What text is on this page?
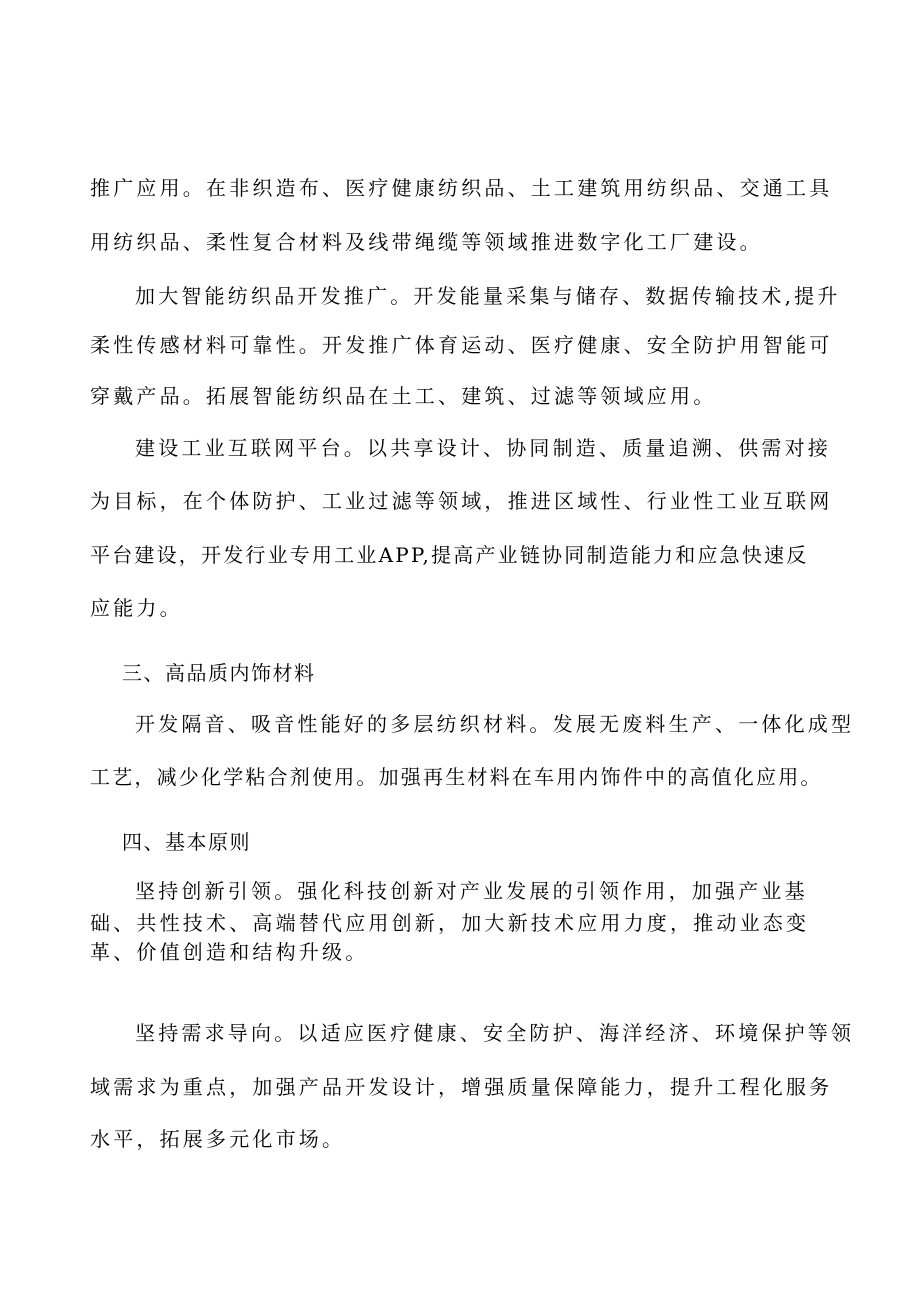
推广应用。在非织造布、医疗健康纺织品、土工建筑用纺织品、交通工具
用纺织品、柔性复合材料及线带绳缆等领域推进数字化工厂建设。
加大智能纺织品开发推广。开发能量采集与储存、数据传输技术,提升
柔性传感材料可靠性。开发推广体育运动、医疗健康、安全防护用智能可
穿戴产品。拓展智能纺织品在土工、建筑、过滤等领域应用。
建设工业互联网平台。以共享设计、协同制造、质量追溯、供需对接
为目标，在个体防护、工业过滤等领域，推进区域性、行业性工业互联网
平台建设，开发行业专用工业APP,提高产业链协同制造能力和应急快速反
应能力。
三、高品质内饰材料
开发隔音、吸音性能好的多层纺织材料。发展无废料生产、一体化成型
工艺，减少化学粘合剂使用。加强再生材料在车用内饰件中的高值化应用。
四、基本原则
坚持创新引领。强化科技创新对产业发展的引领作用，加强产业基
础、共性技术、高端替代应用创新，加大新技术应用力度，推动业态变
革、价值创造和结构升级。
坚持需求导向。以适应医疗健康、安全防护、海洋经济、环境保护等领
域需求为重点，加强产品开发设计，增强质量保障能力，提升工程化服务
水平，拓展多元化市场。
